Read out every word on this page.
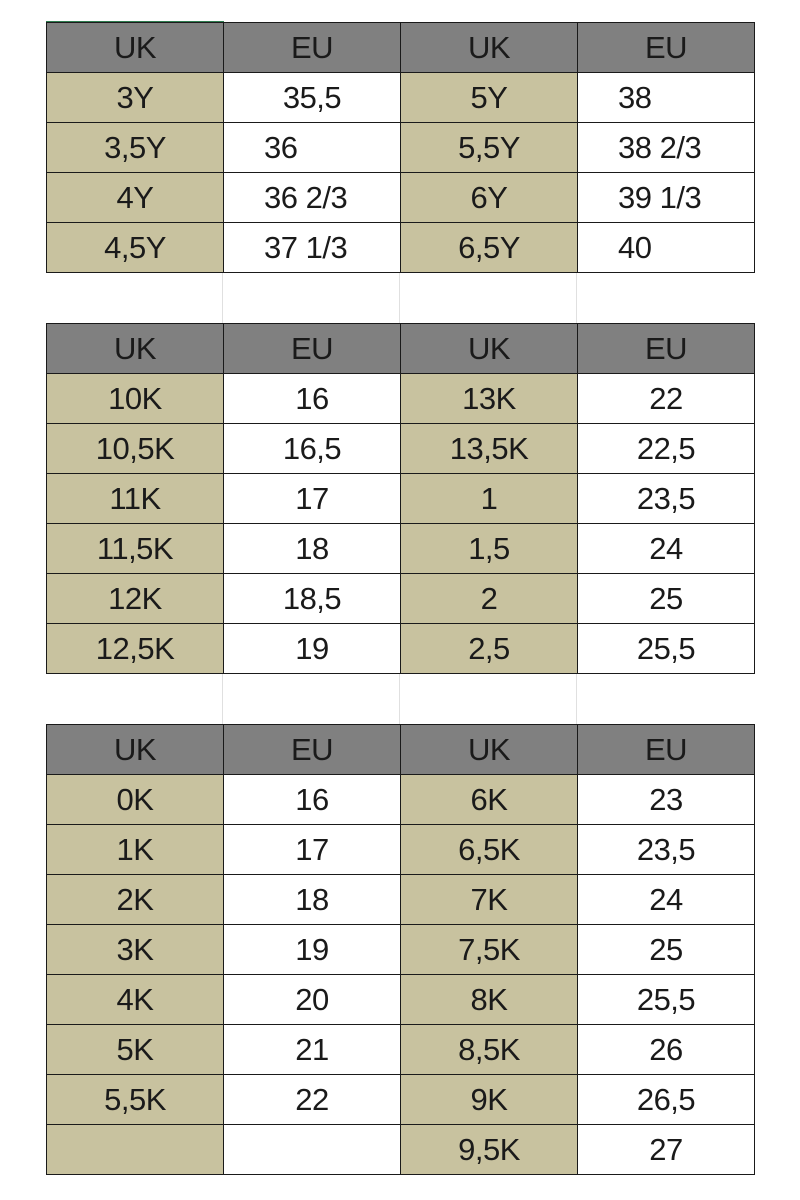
UK	EU	UK	EU
3Y	35,5	5Y	38
3,5Y	36	5,5Y	38 2/3
4Y	36 2/3	6Y	39 1/3
4,5Y	37 1/3	6,5Y	40
UK	EU	UK	EU
10K	16	13K	22
10,5K	16,5	13,5K	22,5
11K	17	1	23,5
11,5K	18	1,5	24
12K	18,5	2	25
12,5K	19	2,5	25,5
UK	EU	UK	EU
0K	16	6K	23
1K	17	6,5K	23,5
2K	18	7K	24
3K	19	7,5K	25
4K	20	8K	25,5
5K	21	8,5K	26
5,5K	22	9K	26,5
		9,5K	27
